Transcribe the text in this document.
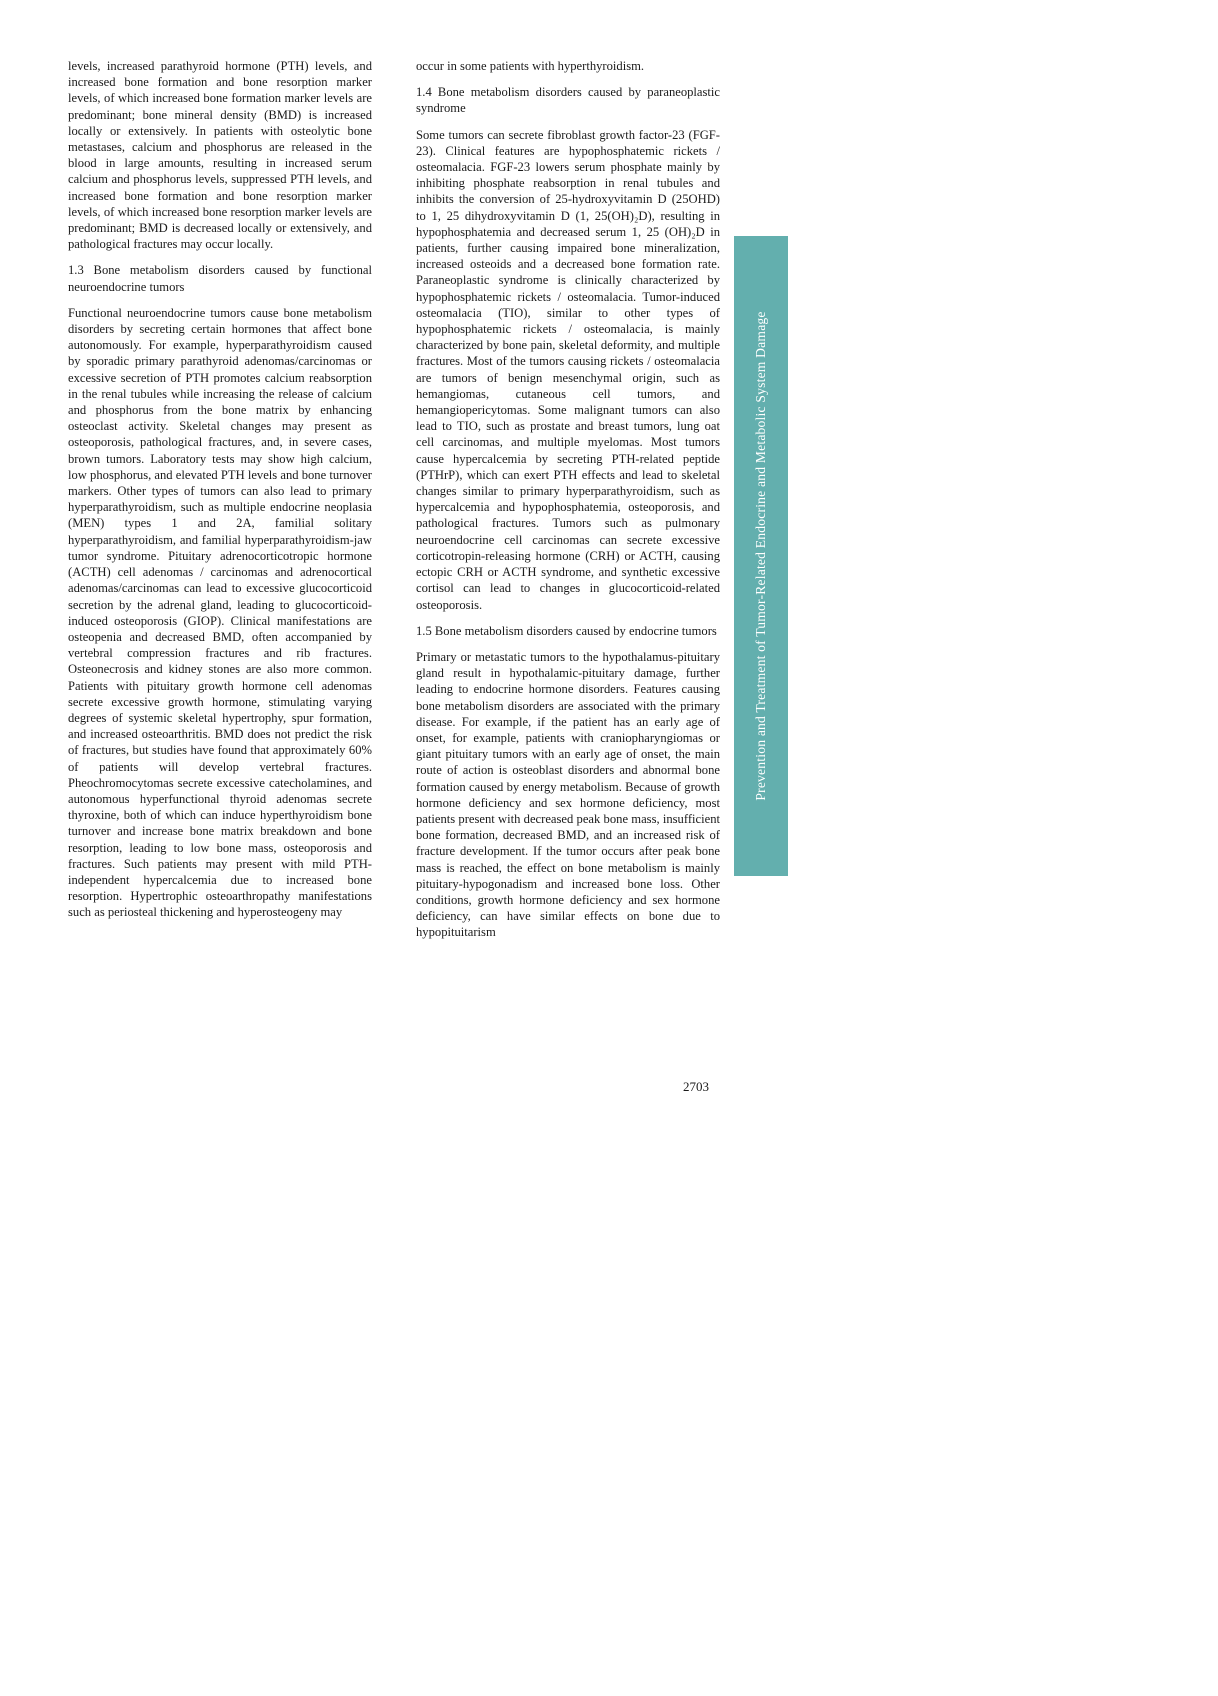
levels, increased parathyroid hormone (PTH) levels, and increased bone formation and bone resorption marker levels, of which increased bone formation marker levels are predominant; bone mineral density (BMD) is increased locally or extensively. In patients with osteolytic bone metastases, calcium and phosphorus are released in the blood in large amounts, resulting in increased serum calcium and phosphorus levels, suppressed PTH levels, and increased bone formation and bone resorption marker levels, of which increased bone resorption marker levels are predominant; BMD is decreased locally or extensively, and pathological fractures may occur locally.

1.3 Bone metabolism disorders caused by functional neuroendocrine tumors

Functional neuroendocrine tumors cause bone metabolism disorders by secreting certain hormones that affect bone autonomously. For example, hyperparathyroidism caused by sporadic primary parathyroid adenomas/carcinomas or excessive secretion of PTH promotes calcium reabsorption in the renal tubules while increasing the release of calcium and phosphorus from the bone matrix by enhancing osteoclast activity. Skeletal changes may present as osteoporosis, pathological fractures, and, in severe cases, brown tumors. Laboratory tests may show high calcium, low phosphorus, and elevated PTH levels and bone turnover markers. Other types of tumors can also lead to primary hyperparathyroidism, such as multiple endocrine neoplasia (MEN) types 1 and 2A, familial solitary hyperparathyroidism, and familial hyperparathyroidism-jaw tumor syndrome. Pituitary adrenocorticotropic hormone (ACTH) cell adenomas / carcinomas and adrenocortical adenomas/carcinomas can lead to excessive glucocorticoid secretion by the adrenal gland, leading to glucocorticoid-induced osteoporosis (GIOP). Clinical manifestations are osteopenia and decreased BMD, often accompanied by vertebral compression fractures and rib fractures. Osteonecrosis and kidney stones are also more common. Patients with pituitary growth hormone cell adenomas secrete excessive growth hormone, stimulating varying degrees of systemic skeletal hypertrophy, spur formation, and increased osteoarthritis. BMD does not predict the risk of fractures, but studies have found that approximately 60% of patients will develop vertebral fractures. Pheochromocytomas secrete excessive catecholamines, and autonomous hyperfunctional thyroid adenomas secrete thyroxine, both of which can induce hyperthyroidism bone turnover and increase bone matrix breakdown and bone resorption, leading to low bone mass, osteoporosis and fractures. Such patients may present with mild PTH-independent hypercalcemia due to increased bone resorption. Hypertrophic osteoarthropathy manifestations such as periosteal thickening and hyperosteogeny may

occur in some patients with hyperthyroidism.

1.4 Bone metabolism disorders caused by paraneoplastic syndrome

Some tumors can secrete fibroblast growth factor-23 (FGF-23). Clinical features are hypophosphatemic rickets / osteomalacia. FGF-23 lowers serum phosphate mainly by inhibiting phosphate reabsorption in renal tubules and inhibits the conversion of 25-hydroxyvitamin D (25OHD) to 1, 25 dihydroxyvitamin D (1, 25(OH)₂D), resulting in hypophosphatemia and decreased serum 1, 25 (OH)₂D in patients, further causing impaired bone mineralization, increased osteoids and a decreased bone formation rate. Paraneoplastic syndrome is clinically characterized by hypophosphatemic rickets / osteomalacia. Tumor-induced osteomalacia (TIO), similar to other types of hypophosphatemic rickets / osteomalacia, is mainly characterized by bone pain, skeletal deformity, and multiple fractures. Most of the tumors causing rickets / osteomalacia are tumors of benign mesenchymal origin, such as hemangiomas, cutaneous cell tumors, and hemangiopericytomas. Some malignant tumors can also lead to TIO, such as prostate and breast tumors, lung oat cell carcinomas, and multiple myelomas. Most tumors cause hypercalcemia by secreting PTH-related peptide (PTHrP), which can exert PTH effects and lead to skeletal changes similar to primary hyperparathyroidism, such as hypercalcemia and hypophosphatemia, osteoporosis, and pathological fractures. Tumors such as pulmonary neuroendocrine cell carcinomas can secrete excessive corticotropin-releasing hormone (CRH) or ACTH, causing ectopic CRH or ACTH syndrome, and synthetic excessive cortisol can lead to changes in glucocorticoid-related osteoporosis.

1.5 Bone metabolism disorders caused by endocrine tumors

Primary or metastatic tumors to the hypothalamus-pituitary gland result in hypothalamic-pituitary damage, further leading to endocrine hormone disorders. Features causing bone metabolism disorders are associated with the primary disease. For example, if the patient has an early age of onset, for example, patients with craniopharyngiomas or giant pituitary tumors with an early age of onset, the main route of action is osteoblast disorders and abnormal bone formation caused by energy metabolism. Because of growth hormone deficiency and sex hormone deficiency, most patients present with decreased peak bone mass, insufficient bone formation, decreased BMD, and an increased risk of fracture development. If the tumor occurs after peak bone mass is reached, the effect on bone metabolism is mainly pituitary-hypogonadism and increased bone loss. Other conditions, growth hormone deficiency and sex hormone deficiency, can have similar effects on bone due to hypopituitarism

Prevention and Treatment of Tumor-Related Endocrine and Metabolic System Damage
2703
